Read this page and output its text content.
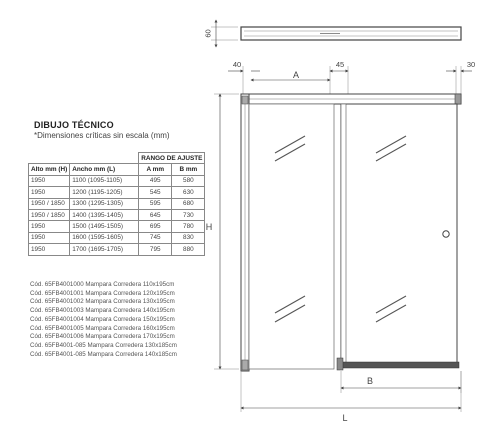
60
40
A
45	30
H
B
L
DIBUJO TÉCNICO
*Dimensiones críticas sin escala (mm)
		RANGO DE AJUSTE	
Alto mm (H)	Ancho mm (L)	A mm	B mm
1950	1100 (1095-1105)	495	580
1950	1200 (1195-1205)	545	630
1950 / 1850	1300 (1295-1305)	595	680
1950 / 1850	1400 (1395-1405)	645	730
1950	1500 (1495-1505)	695	780
1950	1600 (1595-1605)	745	830
1950	1700 (1695-1705)	795	880
Cód. 65FB4001000 Mampara Corredera 110x195cm
Cód. 65FB4001001 Mampara Corredera 120x195cm
Cód. 65FB4001002 Mampara Corredera 130x195cm
Cód. 65FB4001003 Mampara Corredera 140x195cm
Cód. 65FB4001004 Mampara Corredera 150x195cm
Cód. 65FB4001005 Mampara Corredera 160x195cm
Cód. 65FB4001006 Mampara Corredera 170x195cm
Cód. 65FB4001-085 Mampara Corredera 130x185cm
Cód. 65FB4001-085 Mampara Corredera 140x185cm
